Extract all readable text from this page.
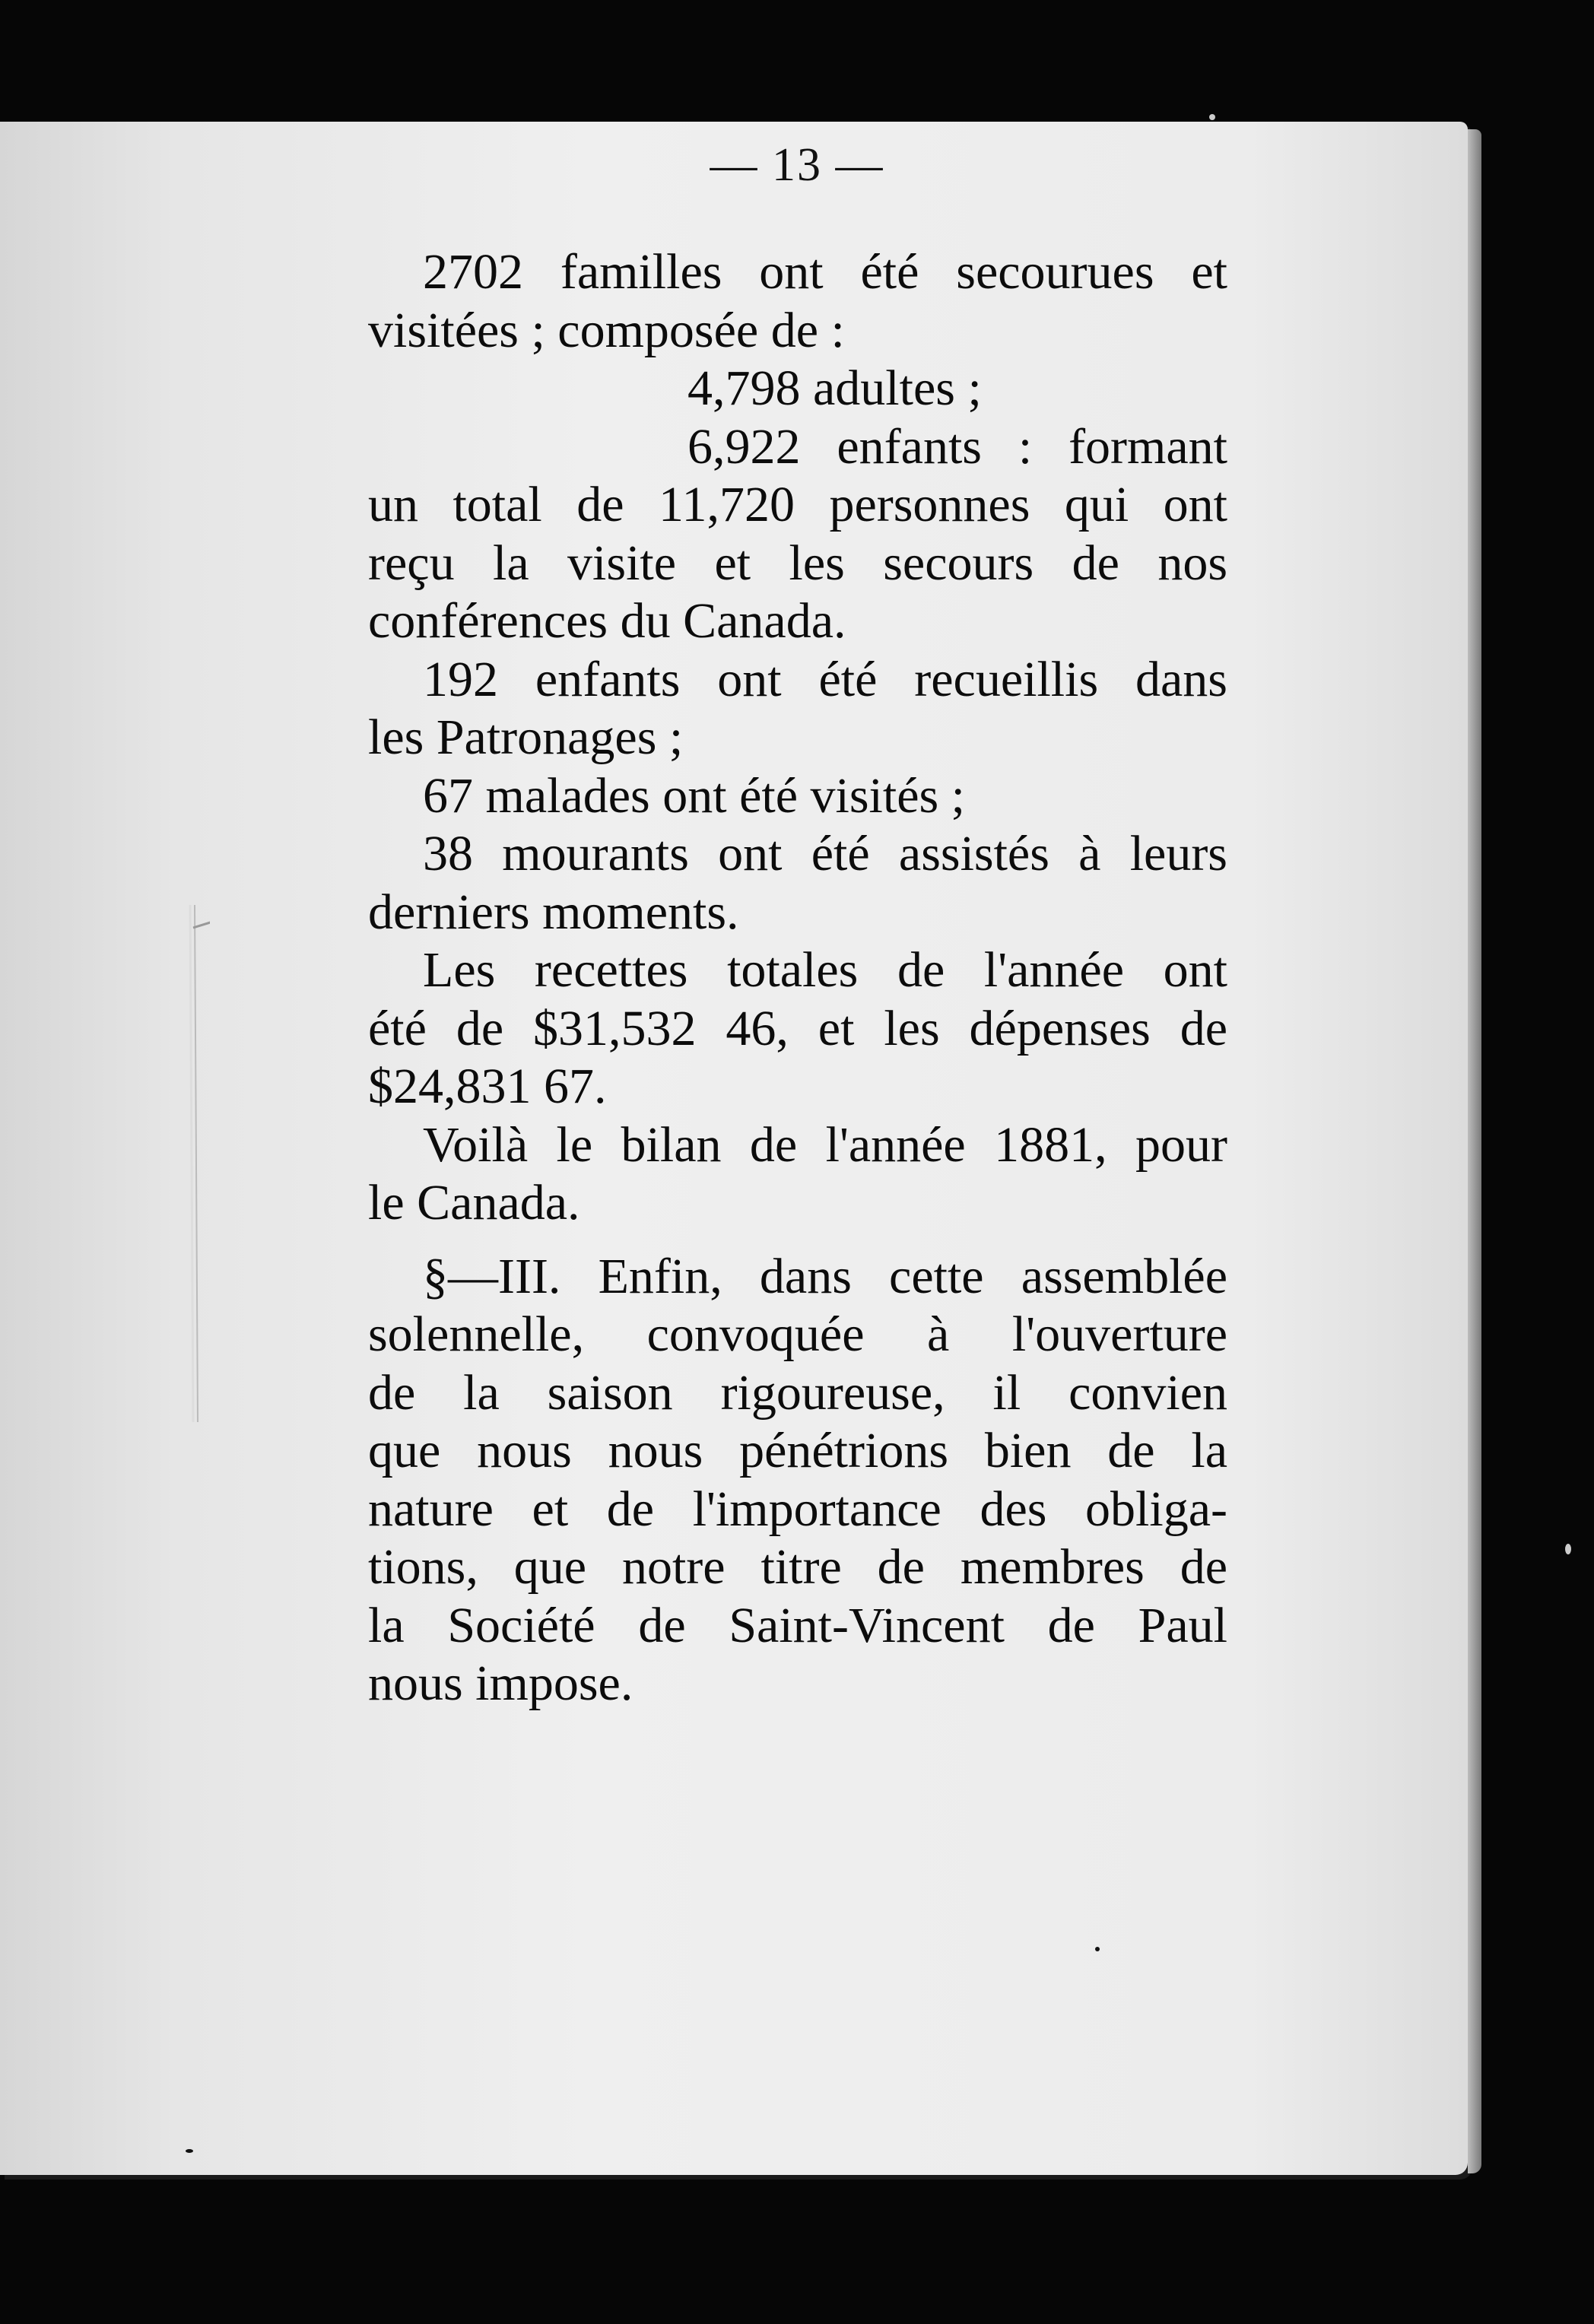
— 13 —

2702 familles ont été secourues et
visitées ; composée de :

4,798 adultes ;
6,922 enfants : formant

un total de 11,720 personnes qui ont
reçu la visite et les secours de nos
conférences du Canada.

192 enfants ont été recueillis dans
les Patronages ;

67 malades ont été visités ;

38 mourants ont été assistés à leurs
derniers moments.

Les recettes totales de l'année ont
été de $31,532 46, et les dépenses de
$24,831 67.

Voilà le bilan de l'année 1881, pour
le Canada.

§—III. Enfin, dans cette assemblée
solennelle, convoquée à l'ouverture
de la saison rigoureuse, il convien
que nous nous pénétrions bien de la
nature et de l'importance des obliga-
tions, que notre titre de membres de
la Société de Saint-Vincent de Paul
nous impose.
